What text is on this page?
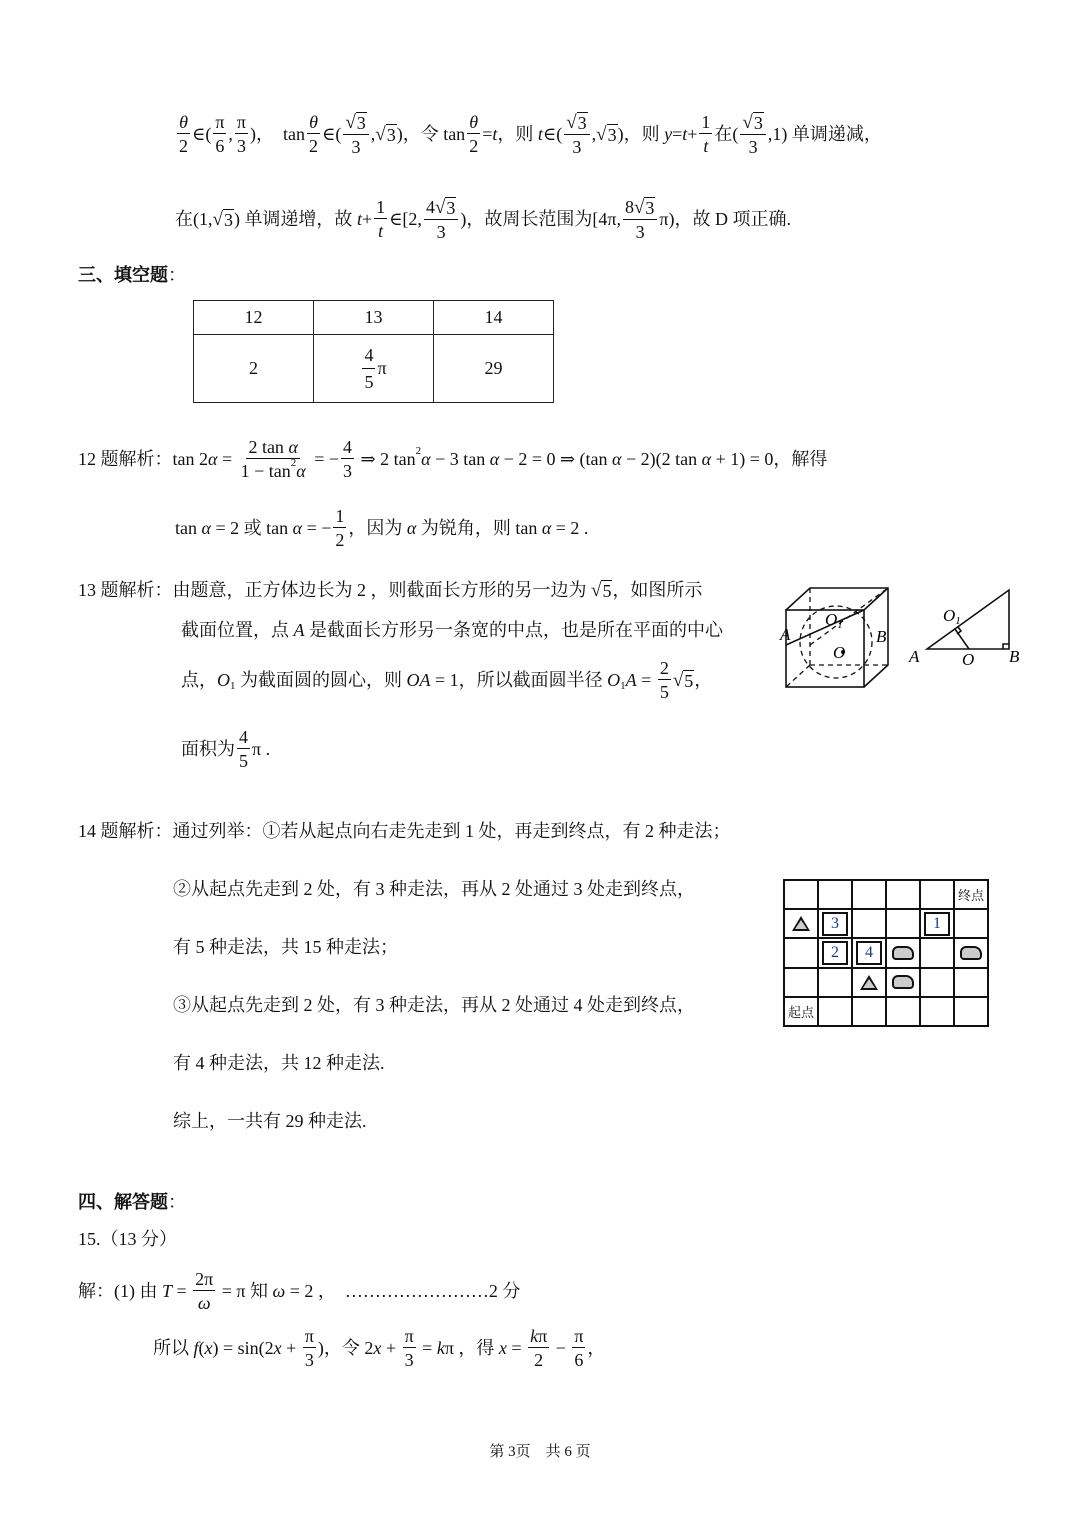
$\frac{\theta}{2}$ ∈( $\frac{\pi}{6}$ , $\frac{\pi}{3}$ )，  $\tan \frac{\theta}{2}$ ∈( $\frac{√ 3}{3}$ , √ 3 )，令 $\tan \frac{\theta}{2} = t$ ，则 t ∈( $\frac{√ 3}{3}$ , √ 3 )，则 $y = t + \frac{1}{t}$ 在( $\frac{√ 3}{3} ,1$) 单调递减，
在(1, √ 3 ) 单调递增，故 $t + \frac{1}{t}$ ∈[2, $\frac{4 √ 3}{3}$ )，故周长范围为[4π, $\frac{8 √ 3}{3} \pi$)，故 D 项正确.
三、填空题 ：
12	13	14

2	$\frac{4}{5}$ π	29
12 题解析：tan 2 $\alpha = \frac{\text{2 tan α}}{1 - \tan 2 \alpha}$ = − $\frac{4}{3}$ ⇒ 2 tan 2 α − 3 tan α − 2 = 0 ⇒ (tan α − 2)(2 tan α + 1) = 0，解得
tan α = 2 或 tan α = − $\frac{1}{2}$ ，因为 α 为锐角，则 tan α = 2 .
13 题解析：由题意，正方体边长为 2 ，则截面长方形的另一边为 √ 5 ，如图所示
截面位置，点 A 是截面长方形另一条宽的中点，也是所在平面的中心
点， O 1 为截面圆的圆心，则 OA = 1，所以截面圆半径 O 1 $A = \frac{2}{5}$ √ 5 ，
面积为 $\frac{4}{5}$ π .
A	B
O
O1
A	O B
O1
14 题解析：通过列举：①若从起点向右走先走到 1 处，再走到终点，有 2 种走法；
②从起点先走到 2 处，有 3 种走法，再从 2 处通过 3 处走到终点，
有 5 种走法，共 15 种走法；
③从起点先走到 2 处，有 3 种走法，再从 2 处通过 4 处走到终点，
有 4 种走法，共 12 种走法.
综上，一共有 29 种走法.
终点
3	1
2	4
起点
四、解答题 ：
15.（13 分）
解：(1) 由 $T = \frac{2\pi}{\omega} = \pi$ 知 ω = 2 ，  ……………………2 分
所以 f ( x ) = sin(2 $x + \frac{\pi}{3}$ )，令 2 $x + \frac{\pi}{3} = k$ π ，得 $x = \frac{\text{k π}}{2} - \frac{\pi}{6}$ ，
第 3页    共 6 页
